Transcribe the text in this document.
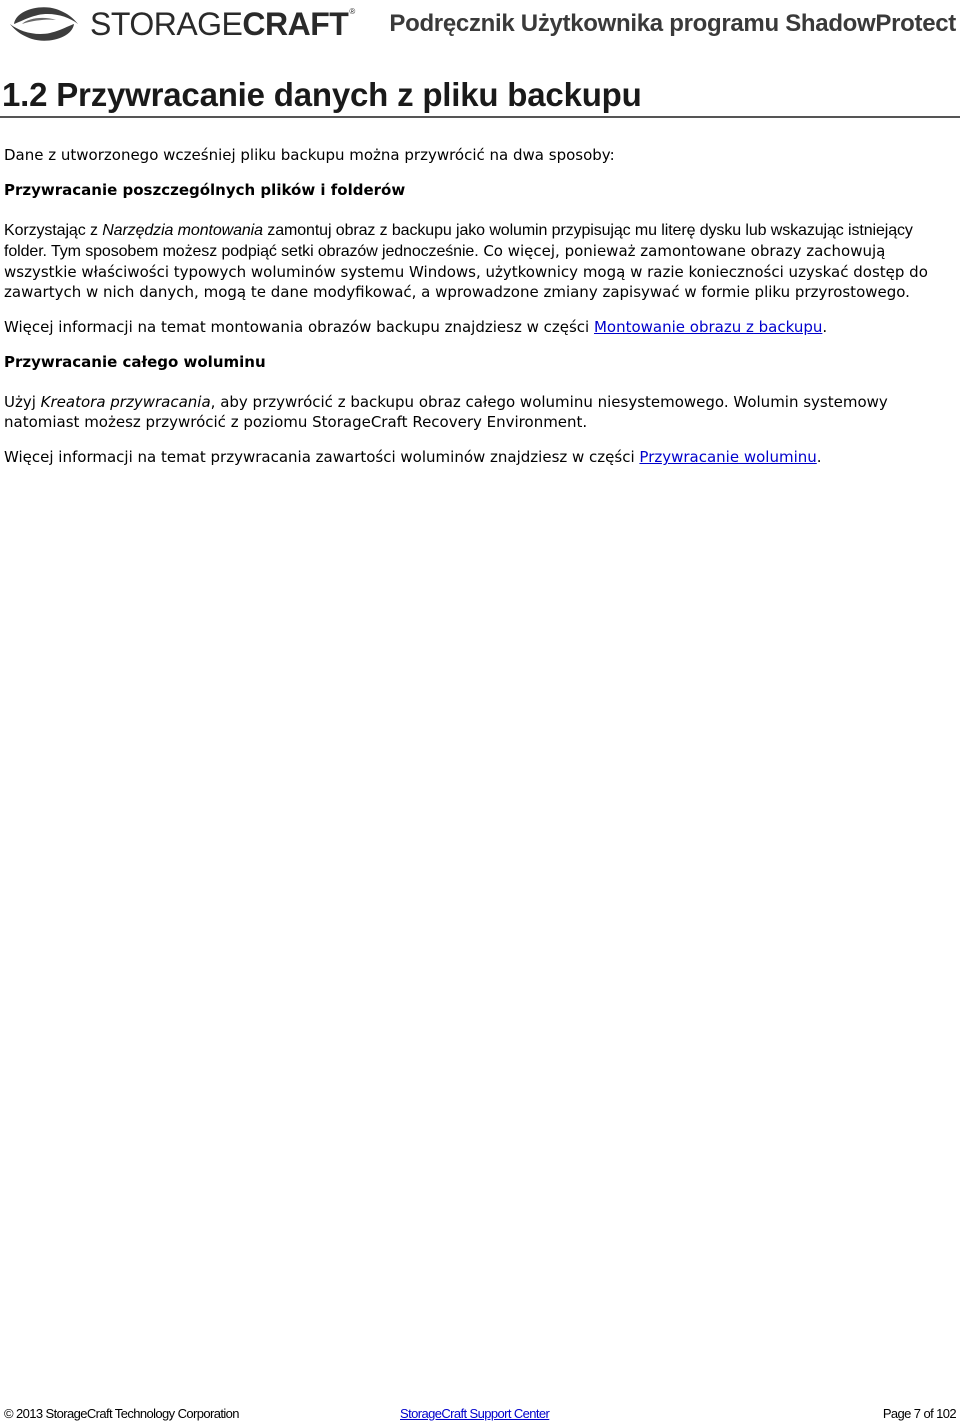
STORAGECRAFT® Podręcznik Użytkownika programu ShadowProtect
1.2 Przywracanie danych z pliku backupu

Dane z utworzonego wcześniej pliku backupu można przywrócić na dwa sposoby:

Przywracanie poszczególnych plików i folderów

Korzystając z Narzędzia montowania zamontuj obraz z backupu jako wolumin przypisując mu literę dysku lub wskazując istniejący folder. Tym sposobem możesz podpiąć setki obrazów jednocześnie. Co więcej, ponieważ zamontowane obrazy zachowują wszystkie właściwości typowych woluminów systemu Windows, użytkownicy mogą w razie konieczności uzyskać dostęp do zawartych w nich danych, mogą te dane modyfikować, a wprowadzone zmiany zapisywać w formie pliku przyrostowego.

Więcej informacji na temat montowania obrazów backupu znajdziesz w części Montowanie obrazu z backupu.

Przywracanie całego woluminu

Użyj Kreatora przywracania, aby przywrócić z backupu obraz całego woluminu niesystemowego. Wolumin systemowy natomiast możesz przywrócić z poziomu StorageCraft Recovery Environment.

Więcej informacji na temat przywracania zawartości woluminów znajdziesz w części Przywracanie woluminu.

© 2013 StorageCraft Technology Corporation	StorageCraft Support Center	Page 7 of 102
